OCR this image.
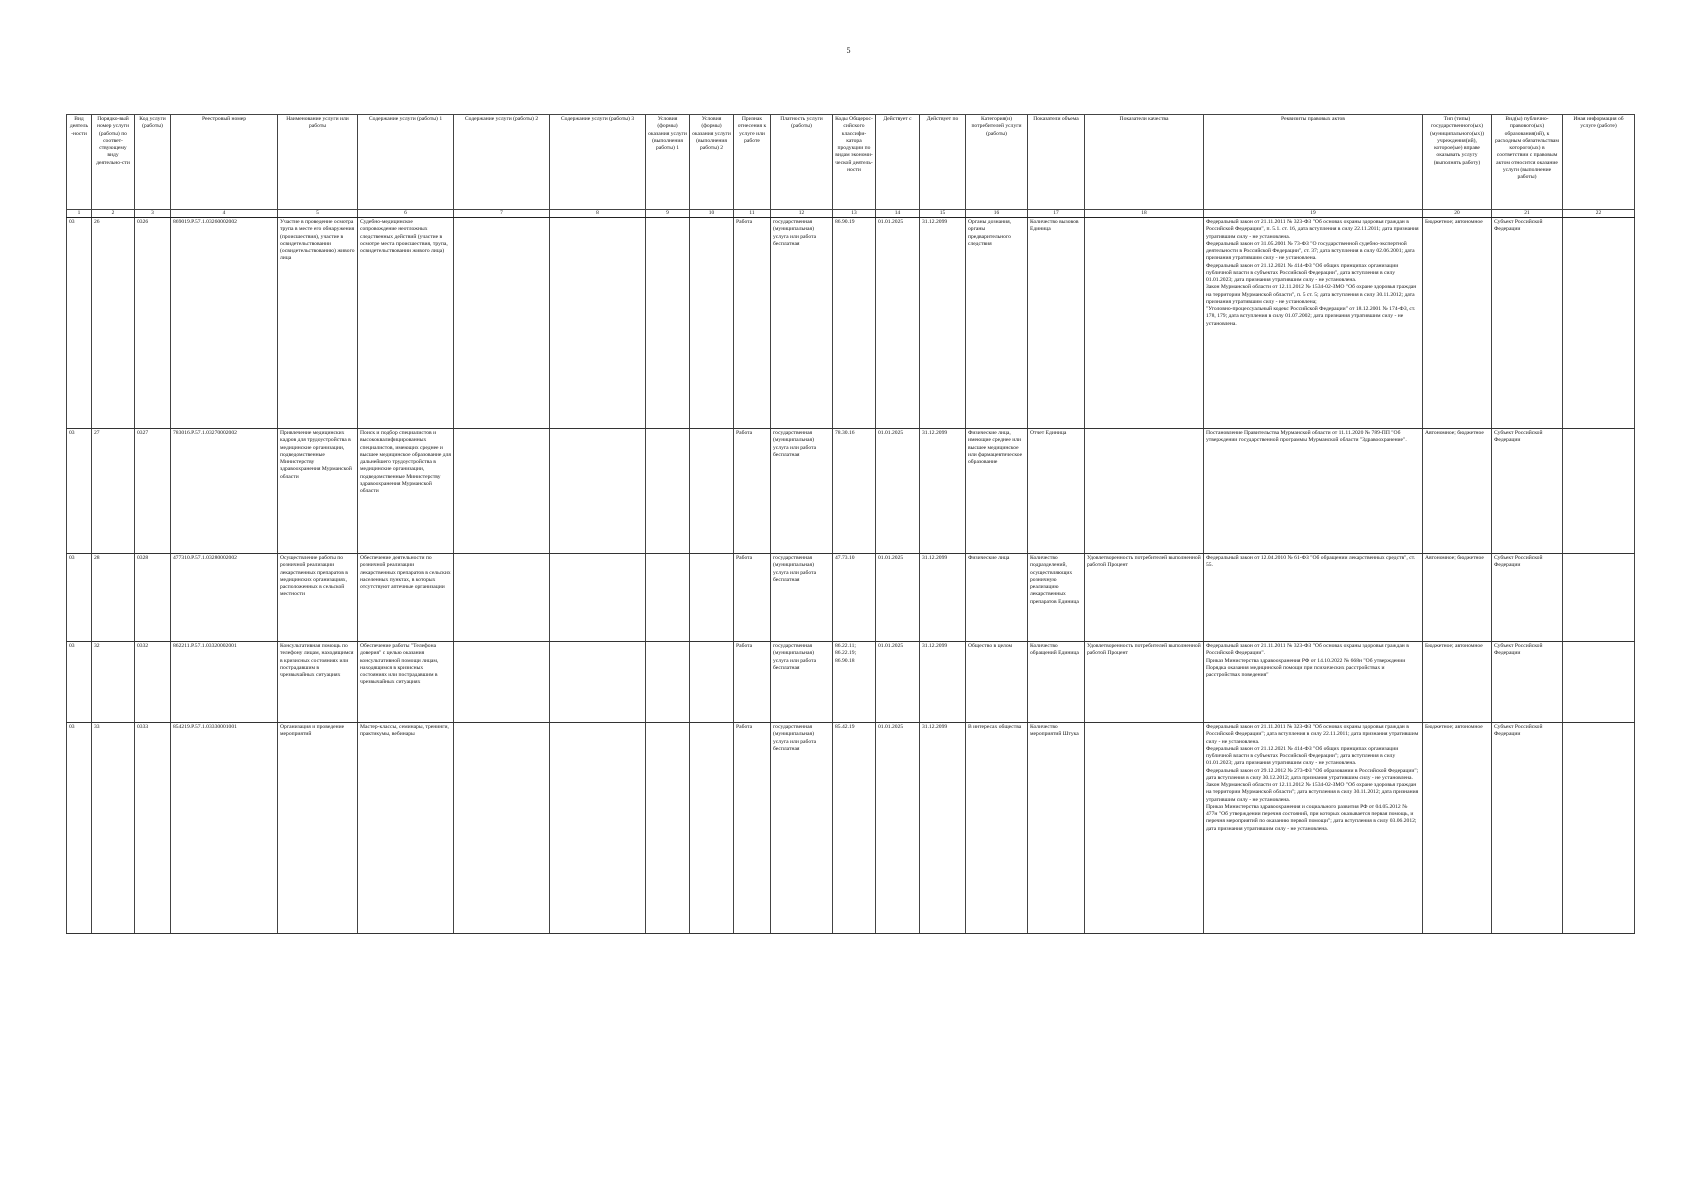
5
Вид деятель-ности	Порядко-вый номер услуги (работы) по соответ-ствующему виду деятельно-сти	Код услуги (работы)	Реестровый номер	Наименование услуги или работы	Содержание услуги (работы) 1	Содержание услуги (работы) 2	Содержание услуги (работы) 3	Условия (формы) оказания услуги (выполнения работы) 1	Условия (формы) оказания услуги (выполнения работы) 2	Признак отнесения к услуге или работе	Платность услуги (работы)	Коды Общерос-сийского классифи-катора продукции по видам экономи-ческой деятель-ности	Действует с	Действует по	Категория(и) потребителей услуги (работы)	Показатели объема	Показатели качества	Реквизиты правовых актов	Тип (типы) государственного(ых) (муниципального(ых)) учреждения(ий), которое(ые) вправе оказывать услугу (выполнять работу)	Вид(ы) публично-правового(ых) образования(ий), к расходным обязательствам которого(ых) в соответствии с правовым актом относится оказание услуги (выполнение работы)	Иная информация об услуге (работе)
1	2	3	4	5	6	7	8	9	10	11	12	13	14	15	16	17	18	19	20	21	22
03	26	0326	869019.Р.57.1.03260002002	Участие в проведение осмотра трупа в месте его обнаружения (происшествия), участие в освидетельствовании (освидетельствованию) живого лица	Судебно-медицинское сопровождение неотложных следственных действий (участие в осмотре места происшествия, трупа, освидетельствовании живого лица)					Работа	государственная (муниципальная) услуга или работа бесплатная	86.90.19	01.01.2025	31.12.2099	Органы дознания, органы предварительного следствия	Количество вызовов Единица		Федеральный закон от 21.11.2011 № 323-ФЗ "Об основах охраны здоровья граждан в Российской Федерации", п. 5.1. ст. 16, дата вступления в силу 22.11.2011; дата признания утратившим силу - не установлена.
Федеральный закон от 31.05.2001 № 73-ФЗ "О государственной судебно-экспертной деятельности в Российской Федерации", ст. 37; дата вступления в силу 02.06.2001; дата признания утратившим силу - не установлена.
Федеральный закон от 21.12.2021 № 414-ФЗ "Об общих принципах организации публичной власти в субъектах Российской Федерации", дата вступления в силу 01.01.2023; дата признания утратившим силу - не установлена.
Закон Мурманской области от 12.11.2012 № 1534-02-ЗМО "Об охране здоровья граждан на территории Мурманской области", п. 5 ст. 5; дата вступления в силу 30.11.2012; дата признания утратившим силу - не установлена;
"Уголовно-процессуальный кодекс Российской Федерации" от 18.12.2001 № 174-ФЗ, ст. 178, 179; дата вступления в силу 01.07.2002; дата признания утратившим силу - не установлена.	Бюджетное; автономное	Субъект Российской Федерации	
03	27	0327	783016.Р.57.1.03270002002	Привлечение медицинских кадров для трудоустройства в медицинские организации, подведомственные Министерству здравоохранения Мурманской области	Поиск и подбор специалистов и высококвалифицированных специалистов, имеющих среднее и высшее медицинское образование для дальнейшего трудоустройства в медицинские организации, подведомственные Министерству здравоохранения Мурманской области					Работа	государственная (муниципальная) услуга или работа бесплатная	78.30.16	01.01.2025	31.12.2099	Физические лица, имеющие среднее или высшее медицинское или фармацевтическое образование	Отчет Единица		Постановление Правительства Мурманской области от 11.11.2020 № 789-ПП "Об утверждении государственной программы Мурманской области "Здравоохранение".	Автономное; бюджетное	Субъект Российской Федерации	
03	28	0328	477310.Р.57.1.03280002002	Осуществление работы по розничной реализации лекарственных препаратов в медицинских организациях, расположенных в сельской местности	Обеспечение деятельности по розничной реализации лекарственных препаратов в сельских населенных пунктах, в которых отсутствуют аптечные организации					Работа	государственная (муниципальная) услуга или работа бесплатная	47.73.10	01.01.2025	31.12.2099	Физические лица	Количество подразделений, осуществляющих розничную реализацию лекарственных препаратов Единица	Удовлетворенность потребителей выполненной работой Процент	Федеральный закон от 12.04.2010 № 61-ФЗ "Об обращении лекарственных средств", ст. 55.	Автономное; бюджетное	Субъект Российской Федерации	
03	32	0332	862211.Р.57.1.03320002001	Консультативная помощь по телефону лицам, находящимся в кризисных состояниях или пострадавшим в чрезвычайных ситуациях	Обеспечение работы "Телефона доверия" с целью оказания консультативной помощи лицам, находящимся в кризисных состояниях или пострадавшим в чрезвычайных ситуациях					Работа	государственная (муниципальная) услуга или работа бесплатная	86.22.11; 86.22.19; 86.90.18	01.01.2025	31.12.2099	Общество в целом	Количество обращений Единица	Удовлетворенность потребителей выполненной работой Процент	Федеральный закон от 21.11.2011 № 323-ФЗ "Об основах охраны здоровья граждан в Российской Федерации".
Приказ Министерства здравоохранения РФ от 14.10.2022 № 668н "Об утверждении Порядка оказания медицинской помощи при психических расстройствах и расстройствах поведения"	Бюджетное; автономное	Субъект Российской Федерации	
03	33	0333	854219.Р.57.1.03330001001	Организация и проведение мероприятий	Мастер-классы, семинары, тренинги, практикумы, вебинары					Работа	государственная (муниципальная) услуга или работа бесплатная	85.42.19	01.01.2025	31.12.2099	В интересах общества	Количество мероприятий Штука		Федеральный закон от 21.11.2011 № 323-ФЗ "Об основах охраны здоровья граждан в Российской Федерации"; дата вступления в силу 22.11.2011; дата признания утратившим силу - не установлена.
Федеральный закон от 21.12.2021 № 414-ФЗ "Об общих принципах организации публичной власти в субъектах Российской Федерации"; дата вступления в силу 01.01.2023; дата признания утратившим силу - не установлена.
Федеральный закон от 29.12.2012 № 273-ФЗ "Об образовании в Российской Федерации"; дата вступления в силу 30.12.2012; дата признания утратившим силу - не установлена.
Закон Мурманской области от 12.11.2012 № 1534-02-ЗМО "Об охране здоровья граждан на территории Мурманской области"; дата вступления в силу 30.11.2012; дата признания утратившим силу - не установлена.
Приказ Министерства здравоохранения и социального развития РФ от 04.05.2012 № 477н "Об утверждении перечня состояний, при которых оказывается первая помощь, и перечня мероприятий по оказанию первой помощи"; дата вступления в силу 03.06.2012; дата признания утратившим силу - не установлена.	Бюджетное; автономное	Субъект Российской Федерации	
